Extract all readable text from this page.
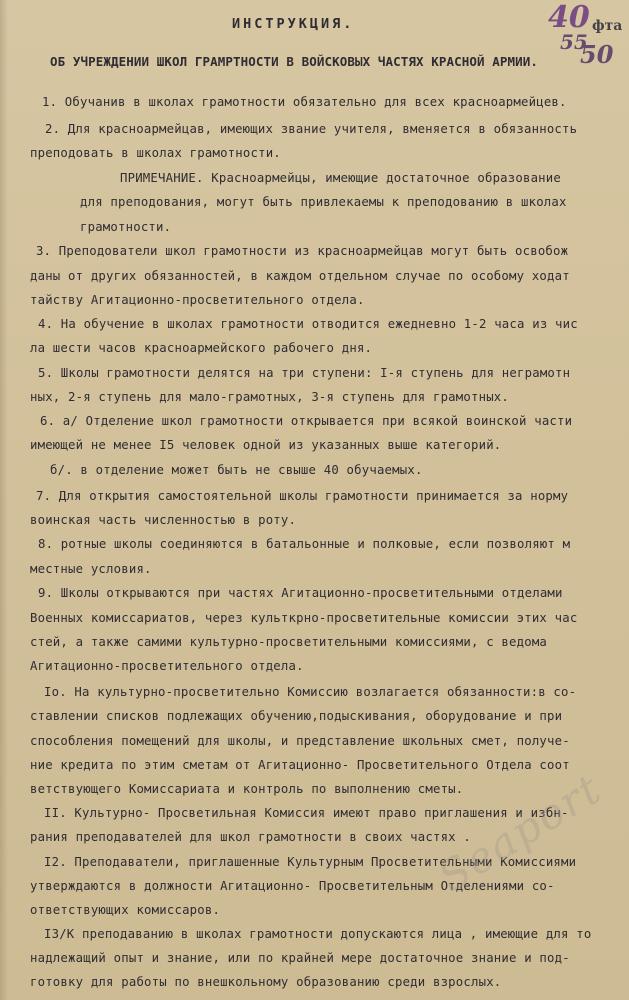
40 фта
55
50
ИНСТРУКЦИЯ.
ОБ УЧРЕЖДЕНИИ ШКОЛ ГРАМРТНОСТИ В ВОЙСКОВЫХ ЧАСТЯХ КРАСНОЙ АРМИИ.
1. Обучанив в школах грамотности обязательно для всех красноармейцев.
2. Для красноармейцав, имеющих звание учителя, вменяется в обязанность
преподовать в школах грамотности.
ПРИМЕЧАНИЕ. Красноармейцы, имеющие достаточное образование
для преподования, могут быть привлекаемы к преподованию в школах
грамотности.
3. Преподователи школ грамотности из красноармейцав могут быть освобож
даны от других обязанностей, в каждом отдельном случае по особому ходат
тайству Агитационно-просветительного отдела.
4. На обучение в школах грамотности отводится ежедневно 1-2 часа из чис
ла шести часов красноармейского рабочего дня.
5. Школы грамотности делятся на три ступени: I-я ступень для неграмотн
ных, 2-я ступень для мало-грамотных, 3-я ступень для грамотных.
6. а/ Отделение школ грамотности открывается при всякой воинской части
имеющей не менее I5 человек одной из указанных выше категорий.
б/. в отделение может быть не свыше 40 обучаемых.
7. Для открытия самостоятельной школы грамотности принимается за норму
воинская часть численностью в роту.
8. ротные школы соединяются в батальонные и полковые, если позволяют м
местные условия.
9. Школы открываются при частях Агитационно-просветительными отделами
Военных комиссариатов, через культкрно-просветительные комиссии этих час
стей, а также самими культурно-просветительными комиссиями, с ведома
Агитационно-просветительного отдела.
Io. На культурно-просветительно Комиссию возлагается обязанности:в со-
ставлении списков подлежащих обучению,подыскивания, оборудование и при
способления помещений для школы, и представление школьных смет, получе-
ние кредита по этим сметам от Агитационно- Просветительного Отдела соот
ветствующего Комиссариата и контроль по выполнению сметы.
II. Культурно- Просветильная Комиссия имеют право приглашения и избн-
рания преподавателей для школ грамотности в своих частях .
I2. Преподаватели, приглашенные Культурным Просветительными Комиссиями
утверждаются в должности Агитационно- Просветительным Отделениями со-
ответствующих комиссаров.
I3/К преподаванию в школах грамотности допускаются лица , имеющие для то
надлежащий опыт и знание, или по крайней мере достаточное знание и под-
готовку для работы по внешкольному образованию среди взрослых.
Seaport
